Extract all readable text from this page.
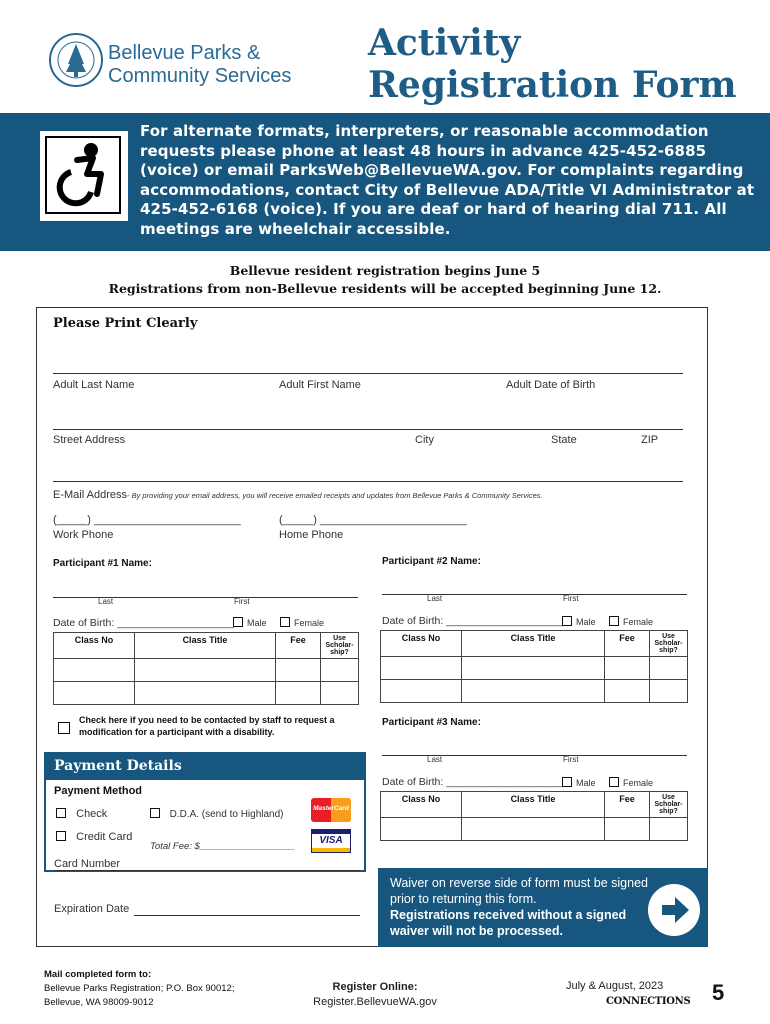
Bellevue Parks &
Community Services
Activity
Registration Form
For alternate formats, interpreters, or reasonable accommodation requests please phone at least 48 hours in advance 425-452-6885 (voice) or email ParksWeb@BellevueWA.gov. For complaints regarding accommodations, contact City of Bellevue ADA/Title VI Administrator at 425-452-6168 (voice). If you are deaf or hard of hearing dial 711. All meetings are wheelchair accessible.
Bellevue resident registration begins June 5
Registrations from non-Bellevue residents will be accepted beginning June 12.
Please Print Clearly
Adult Last Name	Adult First Name	Adult Date of Birth
Street Address	City	State	ZIP
E-Mail Address- By providing your email address, you will receive emailed receipts and updates from Bellevue Parks & Community Services.
(_____) ________________________
Work Phone
(_____) ________________________
Home Phone
Participant #1 Name:
Last	First
Date of Birth: ____________________	Male	Female
Class No	Class Title	Fee	Use Scholar-ship?

Check here if you need to be contacted by staff to request a modification for a participant with a disability.
Participant #2 Name:
Last	First
Date of Birth: ____________________	Male	Female
Class No	Class Title	Fee	Use Scholar-ship?

Participant #3 Name:
Last	First
Date of Birth: ____________________	Male	Female
Class No	Class Title	Fee	Use Scholar-ship?

Payment Details
Payment Method
Check	D.D.A. (send to Highland)
Credit Card
Total Fee: $__________________
MasterCard
VISA
Card Number
Expiration Date
Waiver on reverse side of form must be signed prior to returning this form.
Registrations received without a signed waiver will not be processed.
Mail completed form to:
Bellevue Parks Registration; P.O. Box 90012;
Bellevue, WA 98009-9012
Register Online:
Register.BellevueWA.gov
July & August, 2023
CONNECTIONS 5
